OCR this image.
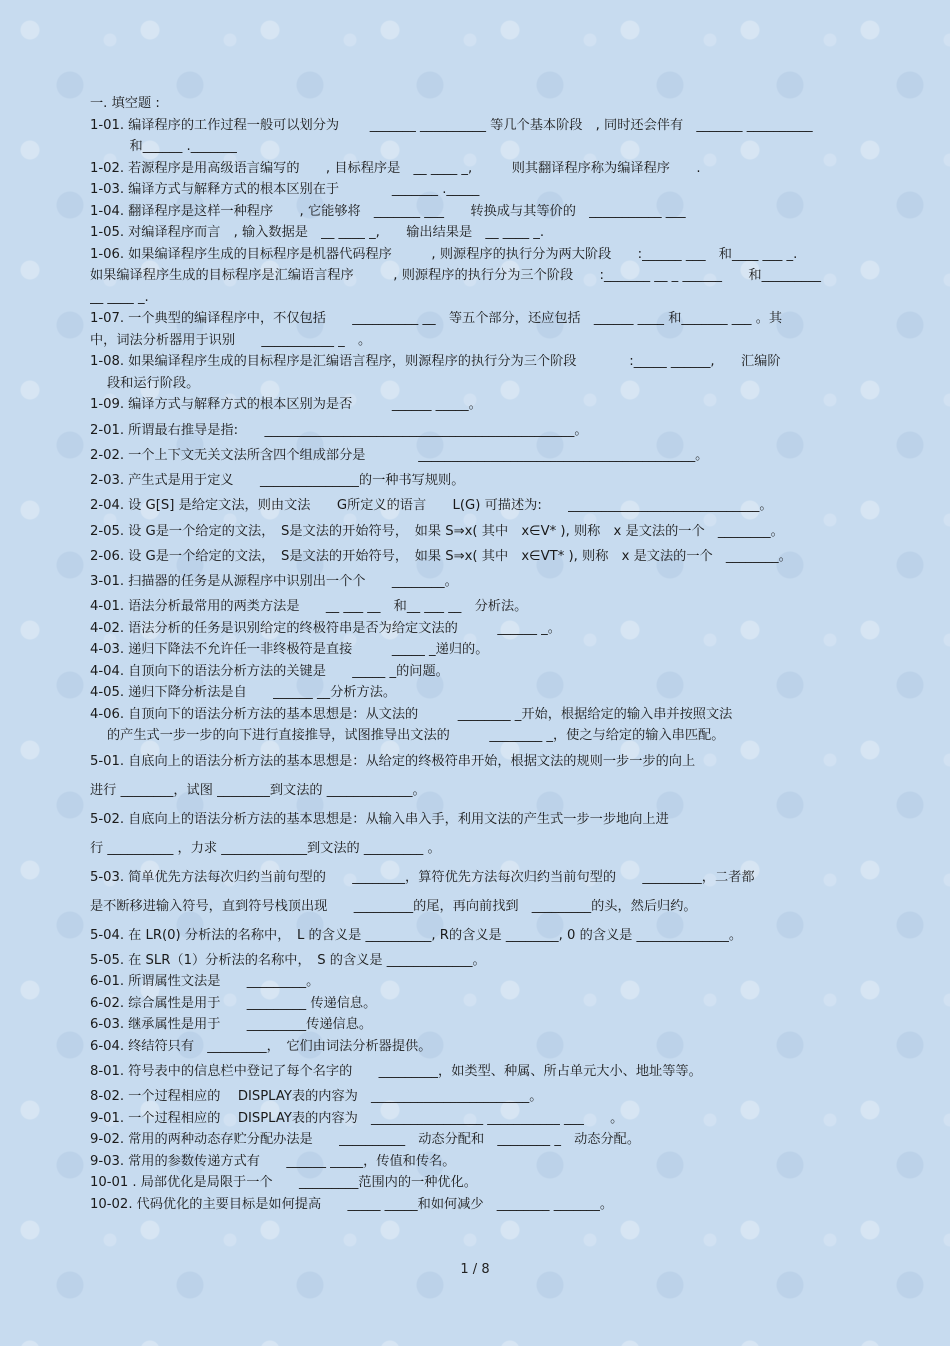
一. 填空题 :
1-01. 编译程序的工作过程一般可以划分为　　 _______ __________ 等几个基本阶段　, 同时还会伴有　_______ __________
　　　和______ ._______
1-02. 若源程序是用高级语言编写的　　, 目标程序是　__ ____ _,　　　则其翻译程序称为编译程序　　.
1-03. 编译方式与解释方式的根本区别在于　　　　_______ ._____
1-04. 翻译程序是这样一种程序　　, 它能够将　_______ ___　　转换成与其等价的　___________ ___
1-05. 对编译程序而言　, 输入数据是　__ ____ _,　　输出结果是　__ ____ _.
1-06. 如果编译程序生成的目标程序是机器代码程序　　　, 则源程序的执行分为两大阶段　　:______ ___　和____ ___ _.
如果编译程序生成的目标程序是汇编语言程序　　　, 则源程序的执行分为三个阶段　　:_______ __ _ ______　　和_________
__ ____ _.
1-07. 一个典型的编译程序中，不仅包括　　__________ __　等五个部分，还应包括　______ ____ 和_______ ___ 。其
中，词法分析器用于识别　　___________ _　。
1-08. 如果编译程序生成的目标程序是汇编语言程序，则源程序的执行分为三个阶段　　　　:_____ ______,　　汇编阶
段和运行阶段。
1-09. 编译方式与解释方式的根本区别为是否　　　______ _____。
2-01. 所谓最右推导是指:　　_______________________________________________。
2-02. 一个上下文无关文法所含四个组成部分是　　　　__________________________________________。
2-03. 产生式是用于定义　　_______________的一种书写规则。
2-04. 设 G[S] 是给定文法，则由文法　　G所定义的语言　　L(G) 可描述为:　　_____________________________。
2-05. 设 G是一个给定的文法，　S是文法的开始符号，　如果 S⇒x( 其中　x∈V* ), 则称　x 是文法的一个　________。
2-06. 设 G是一个给定的文法，　S是文法的开始符号，　如果 S⇒x( 其中　x∈VT* ), 则称　x 是文法的一个　________。
3-01. 扫描器的任务是从源程序中识别出一个个　　________。
4-01. 语法分析最常用的两类方法是　　__ ___ __　和__ ___ __　分析法。
4-02. 语法分析的任务是识别给定的终极符串是否为给定文法的　　　______ _。
4-03. 递归下降法不允许任一非终极符是直接　　　_____ _递归的。
4-04. 自顶向下的语法分析方法的关键是　　_____ _的问题。
4-05. 递归下降分析法是自　　______ __分析方法。
4-06. 自顶向下的语法分析方法的基本思想是：从文法的　　　________ _开始，根据给定的输入串并按照文法
的产生式一步一步的向下进行直接推导，试图推导出文法的　　　________ _，使之与给定的输入串匹配。
5-01. 自底向上的语法分析方法的基本思想是：从给定的终极符串开始，根据文法的规则一步一步的向上
进行 ________，试图 ________到文法的 _____________。
5-02. 自底向上的语法分析方法的基本思想是：从输入串入手，利用文法的产生式一步一步地向上进
行 __________ ，力求 _____________到文法的 _________ 。
5-03. 简单优先方法每次归约当前句型的　　________，算符优先方法每次归约当前句型的　　_________，二者都
是不断移进输入符号，直到符号栈顶出现　　_________的尾，再向前找到　_________的头，然后归约。
5-04. 在 LR(0) 分析法的名称中，　L 的含义是 __________, R的含义是 ________, 0 的含义是 ______________。
5-05. 在 SLR（1）分析法的名称中，　S 的含义是 _____________。
6-01. 所谓属性文法是　　_________。
6-02. 综合属性是用于　　_________ 传递信息。
6-03. 继承属性是用于　　_________传递信息。
6-04. 终结符只有　_________，　它们由词法分析器提供。
8-01. 符号表中的信息栏中登记了每个名字的　　_________，如类型、种属、所占单元大小、地址等等。
8-02. 一个过程相应的　 DISPLAY表的内容为　________________________。
9-01. 一个过程相应的　 DISPLAY表的内容为　_________________ ___________ ___　　。
9-02. 常用的两种动态存贮分配办法是　　__________　动态分配和　________ _　动态分配。
9-03. 常用的参数传递方式有　　______ _____，传值和传名。
10-01 . 局部优化是局限于一个　　_________范围内的一种优化。
10-02. 代码优化的主要目标是如何提高　　_____ _____和如何减少　________ _______。
1 / 8
